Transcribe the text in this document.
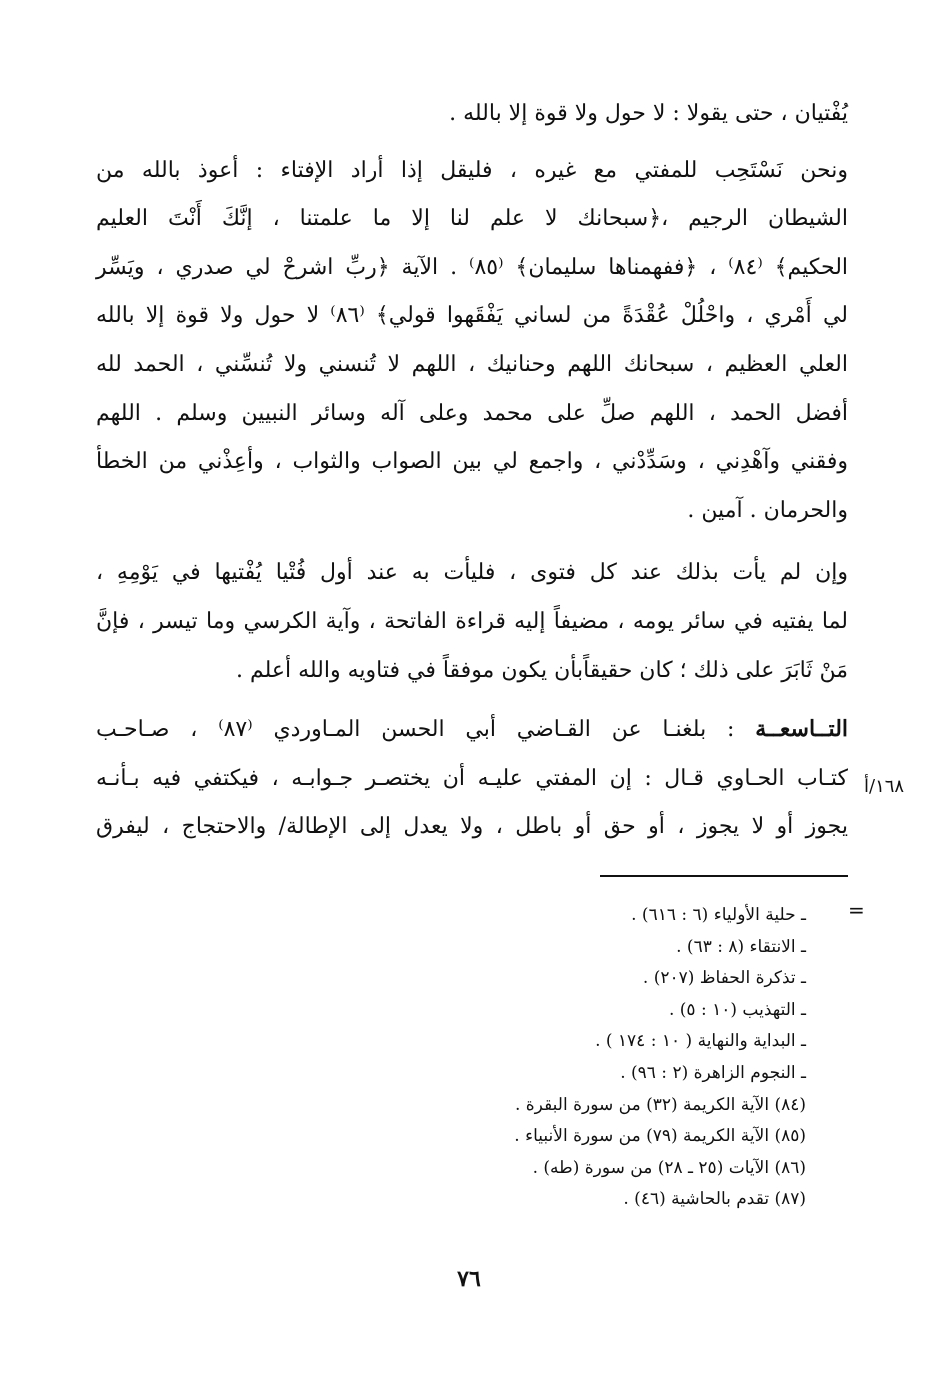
يُفْتيان ، حتى يقولا : لا حول ولا قوة إلا بالله .

ونحن نَسْتَحِب للمفتي مع غيره ، فليقل إذا أراد الإفتاء : أعوذ بالله من
الشيطان الرجيم ،﴿سبحانك لا علم لنا إلا ما علمتنا ، إنَّكَ أَنْتَ العليم
الحكيم﴾ ⁽٨٤⁾ ، ﴿ففهمناها سليمان﴾ ⁽٨٥⁾ . الآية ﴿ربِّ اشرحْ لي صدري ، ويَسِّر
لي أَمْري ، واحْلُلْ عُقْدَةً من لساني يَفْقَهوا قولي﴾ ⁽٨٦⁾ لا حول ولا قوة إلا بالله
العلي العظيم ، سبحانك اللهم وحنانيك ، اللهم لا تُنسني ولا تُنسِّني ، الحمد لله
أفضل الحمد ، اللهم صلِّ على محمد وعلى آله وسائر النبيين وسلم . اللهم
وفقني وآهْدِني ، وسَدِّدْني ، واجمع لي بين الصواب والثواب ، وأعِذْني من الخطأ
والحرمان . آمين .

وإن لم يأت بذلك عند كل فتوى ، فليأت به عند أول فُتْيا يُفْتيها في يَوْمِهِ ،
لما يفتيه في سائر يومه ، مضيفاً إليه قراءة الفاتحة ، وآية الكرسي وما تيسر ، فإنَّ
مَنْ ثَابَرَ على ذلك ؛ كان حقيقاًبأن يكون موفقاً في فتاويه والله أعلم .

التــاسعــة : بلغنـا عن القـاضي أبي الحسن المـاوردي ⁽٨٧⁾ ، صـاحـب
كتـاب الحـاوي قـال : إن المفتي عليـه أن يختصـر جـوابـه ، فيكتفي فيه بـأنـه
يجوز أو لا يجوز ، أو حق أو باطل ، ولا يعدل إلى الإطالة/ والاحتجاج ، ليفرق

١٦٨/أ
=

ـ حلية الأولياء (٦ : ٦١٦) .

ـ الانتقاء (٨ : ٦٣) .

ـ تذكرة الحفاظ (٢٠٧) .

ـ التهذيب (١٠ : ٥) .

ـ البداية والنهاية ( ١٠ : ١٧٤ ) .

ـ النجوم الزاهرة (٢ : ٩٦) .

(٨٤) الآية الكريمة (٣٢) من سورة البقرة .

(٨٥) الآية الكريمة (٧٩) من سورة الأنبياء .

(٨٦) الآيات (٢٥ ـ ٢٨) من سورة (طه) .

(٨٧) تقدم بالحاشية (٤٦) .

٧٦
